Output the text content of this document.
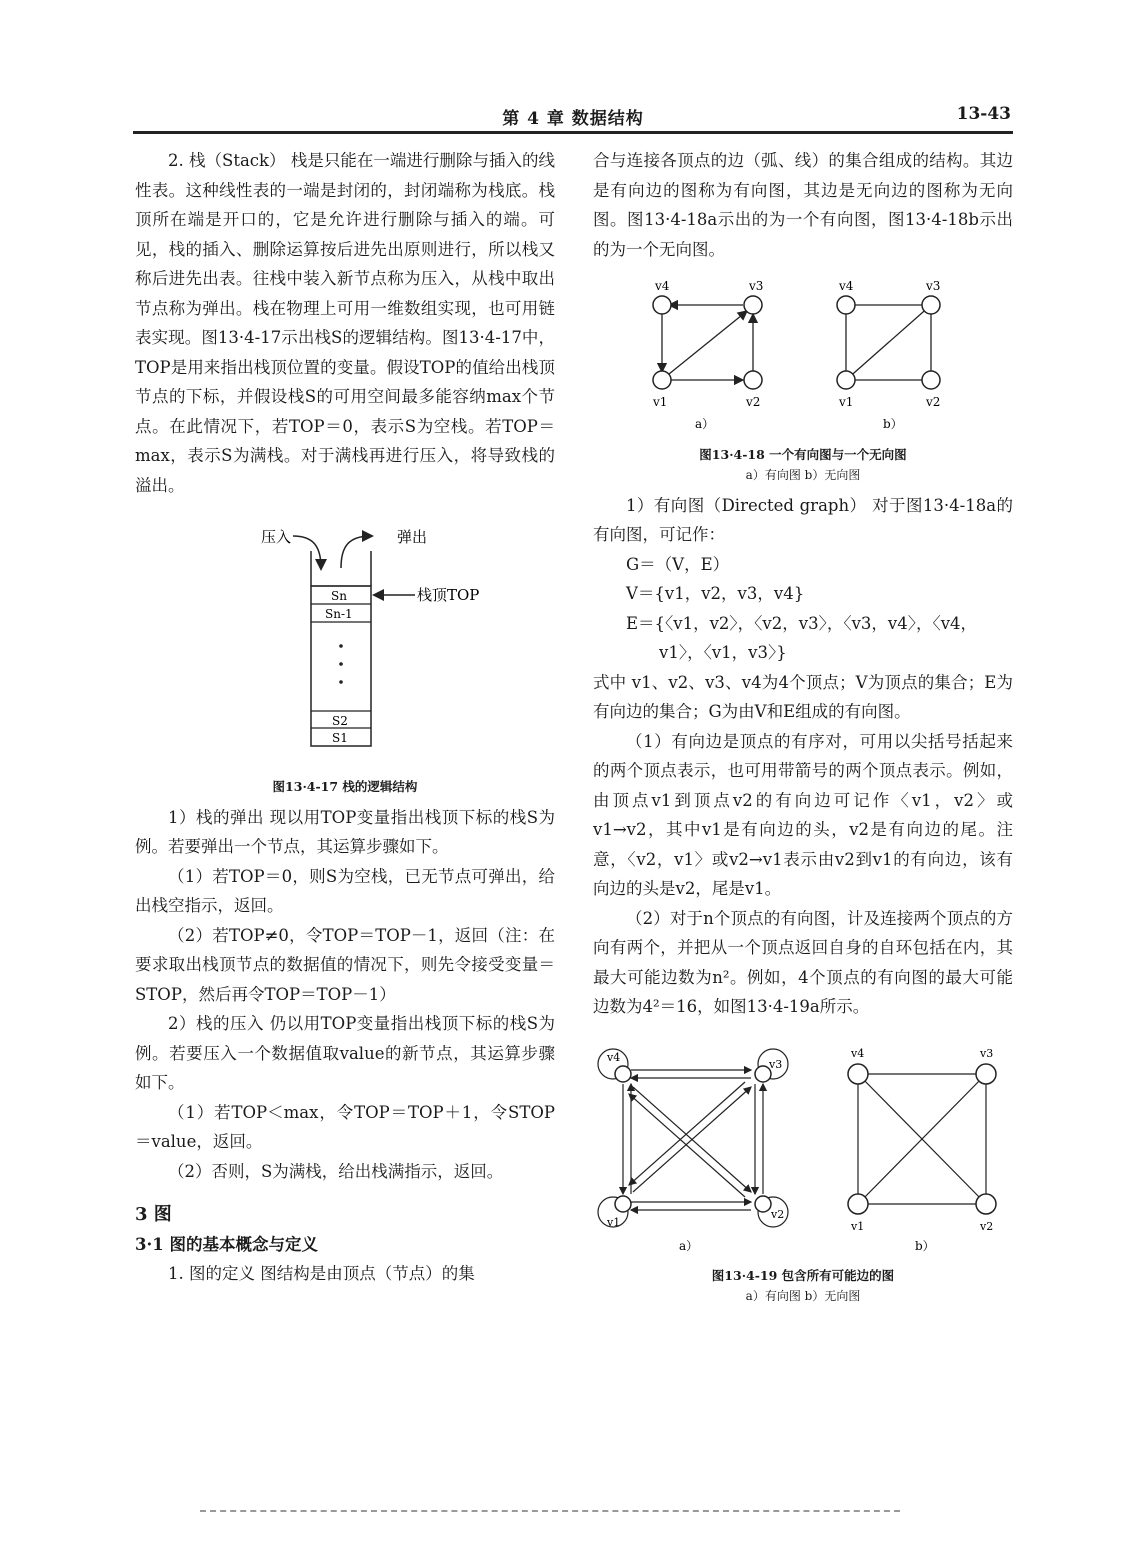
第 4 章 数据结构	13-43

2. 栈（Stack） 栈是只能在一端进行删除与插入的线性表。这种线性表的一端是封闭的，封闭端称为栈底。栈顶所在端是开口的，它是允许进行删除与插入的端。可见，栈的插入、删除运算按后进先出原则进行，所以栈又称后进先出表。往栈中装入新节点称为压入，从栈中取出节点称为弹出。栈在物理上可用一维数组实现，也可用链表实现。图13·4-17示出栈S的逻辑结构。图13·4-17中，TOP是用来指出栈顶位置的变量。假设TOP的值给出栈顶节点的下标，并假设栈S的可用空间最多能容纳max个节点。在此情况下，若TOP＝0，表示S为空栈。若TOP＝max，表示S为满栈。对于满栈再进行压入，将导致栈的溢出。

压入	弹出
Sn
Sn-1
S2
S1
栈顶TOP
图13·4-17 栈的逻辑结构

1）栈的弹出 现以用TOP变量指出栈顶下标的栈S为例。若要弹出一个节点，其运算步骤如下。

（1）若TOP＝0，则S为空栈，已无节点可弹出，给出栈空指示，返回。

（2）若TOP≠0，令TOP＝TOP－1，返回（注：在要求取出栈顶节点的数据值的情况下，则先令接受变量＝STOP，然后再令TOP＝TOP－1）

2）栈的压入 仍以用TOP变量指出栈顶下标的栈S为例。若要压入一个数据值取value的新节点，其运算步骤如下。

（1）若TOP＜max，令TOP＝TOP＋1，令STOP＝value，返回。

（2）否则，S为满栈，给出栈满指示，返回。

3 图

3·1 图的基本概念与定义

1. 图的定义 图结构是由顶点（节点）的集

合与连接各顶点的边（弧、线）的集合组成的结构。其边是有向边的图称为有向图，其边是无向边的图称为无向图。图13·4-18a示出的为一个有向图，图13·4-18b示出的为一个无向图。

v4	v3
v1	v2
a）
v4	v3
v1	v2
b）
图13·4-18 一个有向图与一个无向图
a）有向图 b）无向图

1）有向图（Directed graph） 对于图13·4-18a的有向图，可记作：

G＝（V，E）

V＝{v1，v2，v3，v4}

E＝{〈v1，v2〉，〈v2，v3〉，〈v3，v4〉，〈v4，

v1〉，〈v1，v3〉}

式中 v1、v2、v3、v4为4个顶点；V为顶点的集合；E为有向边的集合；G为由V和E组成的有向图。

（1）有向边是顶点的有序对，可用以尖括号括起来的两个顶点表示，也可用带箭号的两个顶点表示。例如，由顶点v1到顶点v2的有向边可记作〈v1，v2〉或v1→v2，其中v1是有向边的头，v2是有向边的尾。注意，〈v2，v1〉或v2→v1表示由v2到v1的有向边，该有向边的头是v2，尾是v1。

（2）对于n个顶点的有向图，计及连接两个顶点的方向有两个，并把从一个顶点返回自身的自环包括在内，其最大可能边数为n²。例如，4个顶点的有向图的最大可能边数为4²＝16，如图13·4-19a所示。

v4
v3
v1
v2
a）
v4	v3
v1	v2
b）
图13·4-19 包含所有可能边的图
a）有向图 b）无向图
